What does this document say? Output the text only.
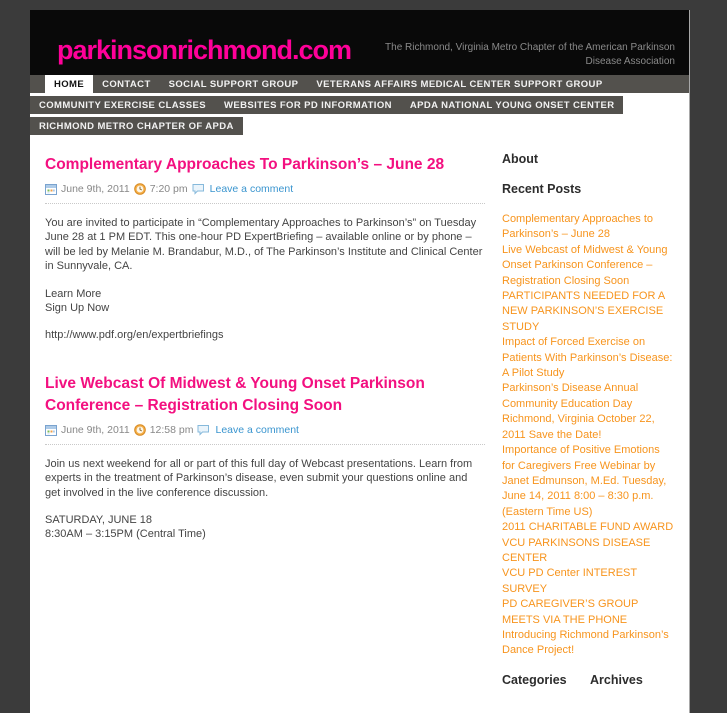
parkinsonrichmond.com	The Richmond, Virginia Metro Chapter of the American Parkinson Disease Association
HOME	CONTACT	SOCIAL SUPPORT GROUP	VETERANS AFFAIRS MEDICAL CENTER SUPPORT GROUP
COMMUNITY EXERCISE CLASSES	WEBSITES FOR PD INFORMATION	APDA NATIONAL YOUNG ONSET CENTER
RICHMOND METRO CHAPTER OF APDA
Complementary Approaches To Parkinson’s – June 28
June 9th, 2011 7:20 pm Leave a comment

You are invited to participate in “Complementary Approaches to Parkinson’s” on Tuesday June 28 at 1 PM EDT. This one-hour PD ExpertBriefing – available online or by phone – will be led by Melanie M. Brandabur, M.D., of The Parkinson’s Institute and Clinical Center in Sunnyvale, CA.

Learn More
Sign Up Now

http://www.pdf.org/en/expertbriefings

Live Webcast Of Midwest & Young Onset Parkinson Conference – Registration Closing Soon
June 9th, 2011 12:58 pm Leave a comment

Join us next weekend for all or part of this full day of Webcast presentations. Learn from experts in the treatment of Parkinson’s disease, even submit your questions online and get involved in the live conference discussion.

SATURDAY, JUNE 18
8:30AM – 3:15PM (Central Time)

About
Recent Posts
Complementary Approaches to Parkinson’s – June 28
Live Webcast of Midwest & Young Onset Parkinson Conference – Registration Closing Soon
PARTICIPANTS NEEDED FOR A NEW PARKINSON’S EXERCISE STUDY
Impact of Forced Exercise on Patients With Parkinson’s Disease: A Pilot Study
Parkinson’s Disease Annual Community Education Day Richmond, Virginia October 22, 2011 Save the Date!
Importance of Positive Emotions for Caregivers Free Webinar by Janet Edmunson, M.Ed. Tuesday, June 14, 2011 8:00 – 8:30 p.m. (Eastern Time US)
2011 CHARITABLE FUND AWARD
VCU PARKINSONS DISEASE CENTER
VCU PD Center INTEREST SURVEY
PD CAREGIVER’S GROUP MEETS VIA THE PHONE
Introducing Richmond Parkinson’s Dance Project!
Categories	Archives
